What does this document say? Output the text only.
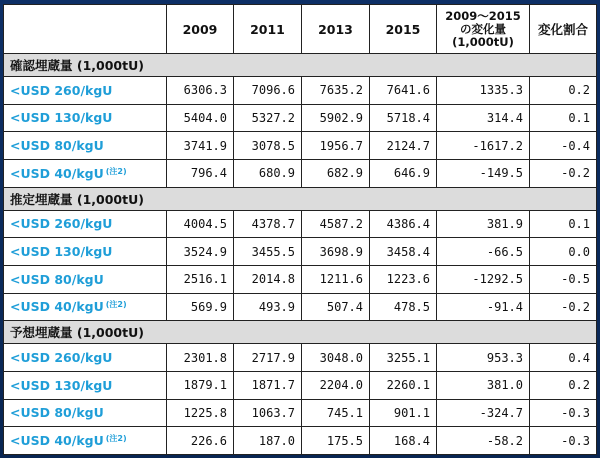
	2009	2011	2013	2015	2009～2015
の変化量
(1,000tU)	変化割合
確認埋蔵量 (1,000tU)						
<USD 260/kgU	6306.3	7096.6	7635.2	7641.6	1335.3	0.2
<USD 130/kgU	5404.0	5327.2	5902.9	5718.4	314.4	0.1
<USD 80/kgU	3741.9	3078.5	1956.7	2124.7	-1617.2	-0.4
<USD 40/kgU $^{(注2)}$	796.4	680.9	682.9	646.9	-149.5	-0.2
推定埋蔵量 (1,000tU)						
<USD 260/kgU	4004.5	4378.7	4587.2	4386.4	381.9	0.1
<USD 130/kgU	3524.9	3455.5	3698.9	3458.4	-66.5	0.0
<USD 80/kgU	2516.1	2014.8	1211.6	1223.6	-1292.5	-0.5
<USD 40/kgU $^{(注2)}$	569.9	493.9	507.4	478.5	-91.4	-0.2
予想埋蔵量 (1,000tU)						
<USD 260/kgU	2301.8	2717.9	3048.0	3255.1	953.3	0.4
<USD 130/kgU	1879.1	1871.7	2204.0	2260.1	381.0	0.2
<USD 80/kgU	1225.8	1063.7	745.1	901.1	-324.7	-0.3
<USD 40/kgU $^{(注2)}$	226.6	187.0	175.5	168.4	-58.2	-0.3
